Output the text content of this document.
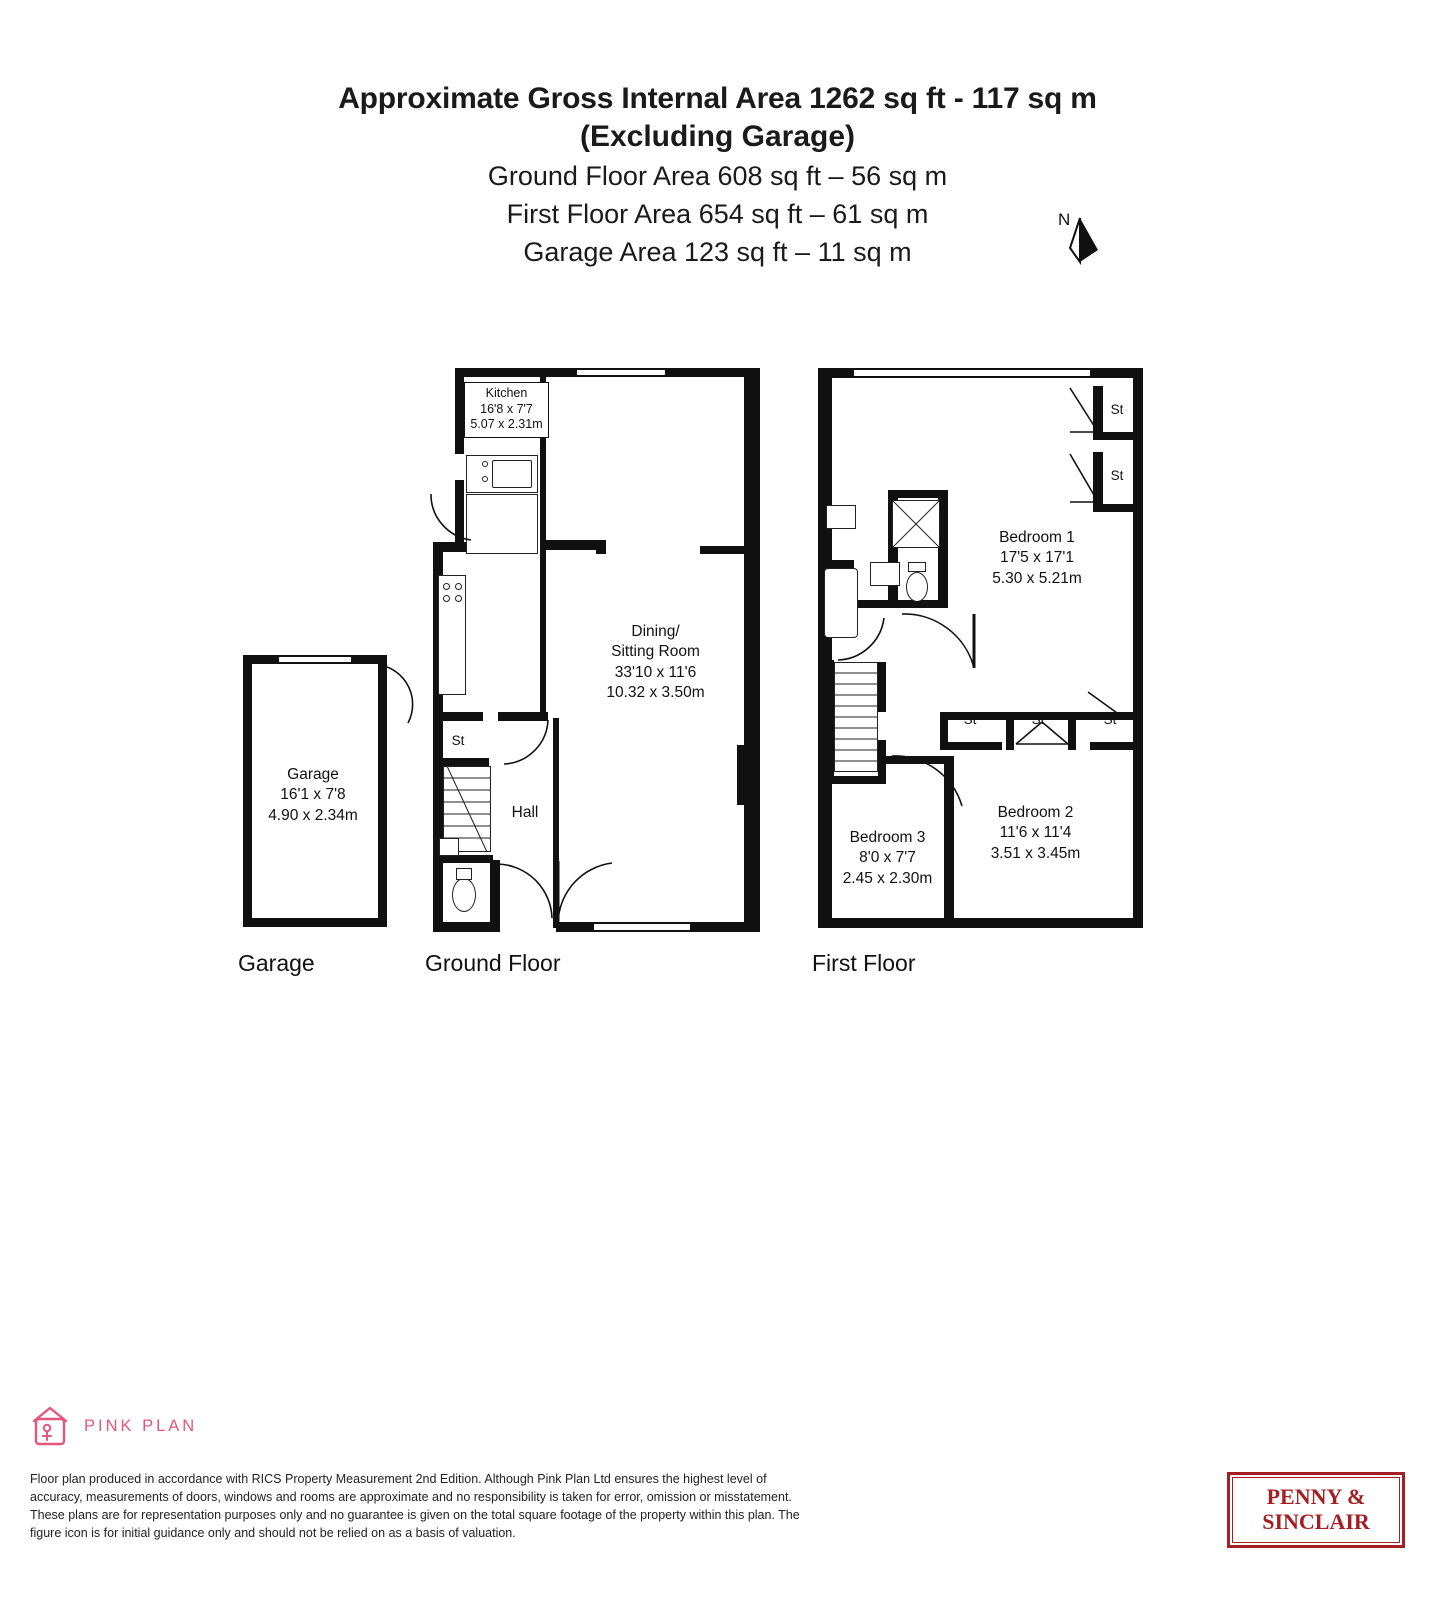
Approximate Gross Internal Area 1262 sq ft - 117 sq m
(Excluding Garage)
Ground Floor Area 608 sq ft – 56 sq m
First Floor Area 654 sq ft – 61 sq m
Garage Area 123 sq ft – 11 sq m
N
Garage
16'1 x 7'8
4.90 x 2.34m
Garage
Kitchen
16'8 x 7'7
5.07 x 2.31m
Dining/
Sitting Room
33'10 x 11'6
10.32 x 3.50m
St
Hall
Ground Floor
St
St
St	St	St
Bedroom 1
17'5 x 17'1
5.30 x 5.21m
Bedroom 2
11'6 x 11'4
3.51 x 3.45m
Bedroom 3
8'0 x 7'7
2.45 x 2.30m
First Floor
PINK PLAN
Floor plan produced in accordance with RICS Property Measurement 2nd Edition. Although Pink Plan Ltd ensures the highest level of accuracy, measurements of doors, windows and rooms are approximate and no responsibility is taken for error, omission or misstatement. These plans are for representation purposes only and no guarantee is given on the total square footage of the property within this plan. The figure icon is for initial guidance only and should not be relied on as a basis of valuation.
PENNY &
SINCLAIR
